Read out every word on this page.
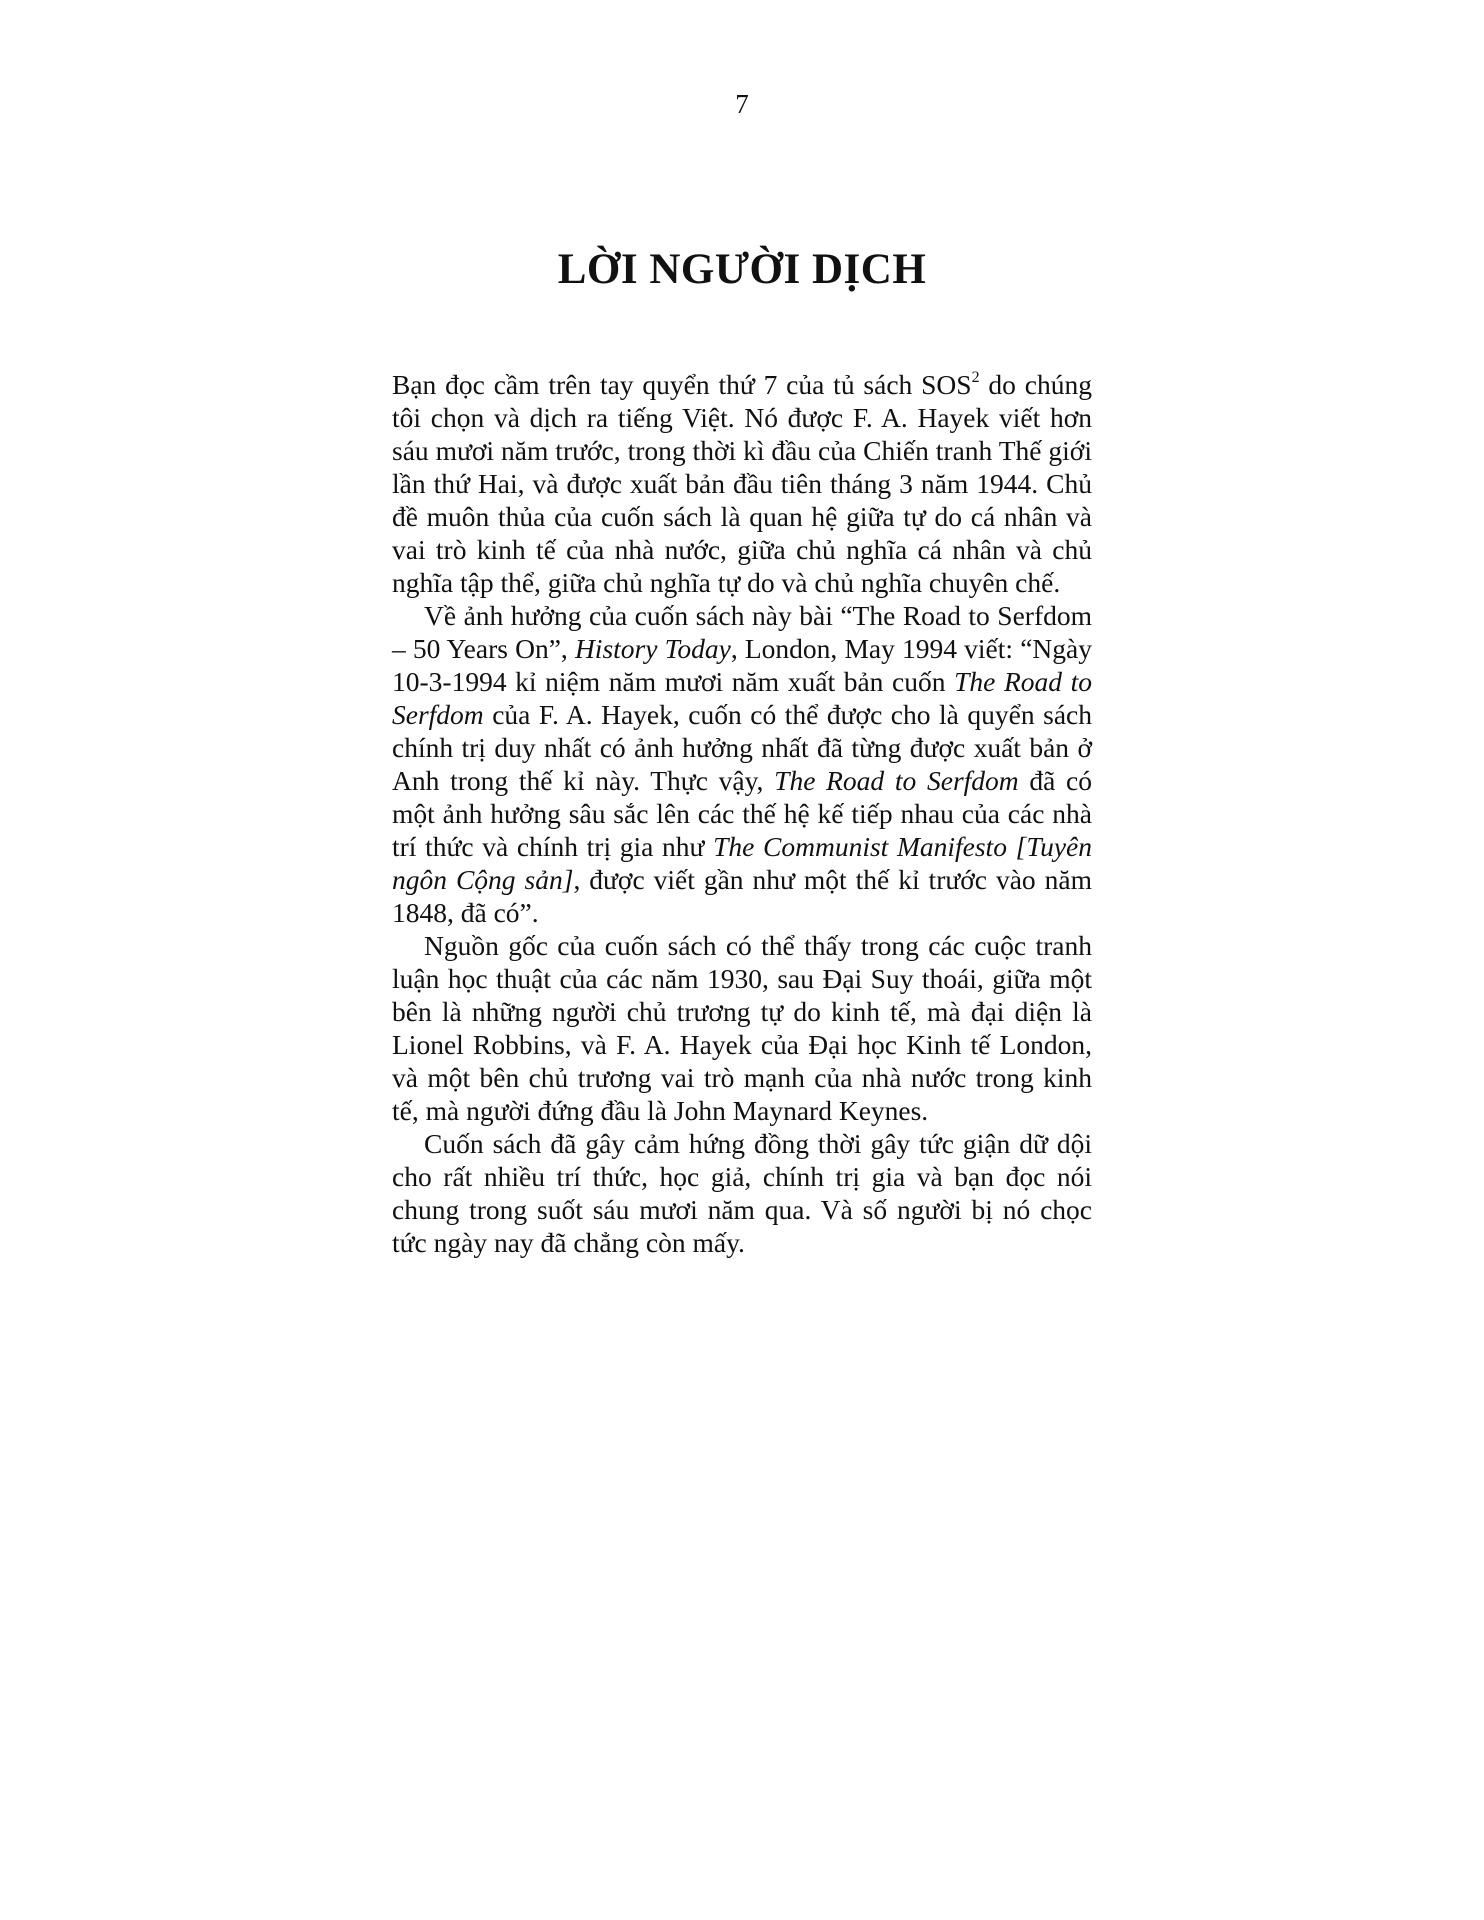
7
LỜI NGƯỜI DỊCH

Bạn đọc cầm trên tay quyển thứ 7 của tủ sách SOS$^2$ do chúng tôi chọn và dịch ra tiếng Việt. Nó được F. A. Hayek viết hơn sáu mươi năm trước, trong thời kì đầu của Chiến tranh Thế giới lần thứ Hai, và được xuất bản đầu tiên tháng 3 năm 1944. Chủ đề muôn thủa của cuốn sách là quan hệ giữa tự do cá nhân và vai trò kinh tế của nhà nước, giữa chủ nghĩa cá nhân và chủ nghĩa tập thể, giữa chủ nghĩa tự do và chủ nghĩa chuyên chế.

Về ảnh hưởng của cuốn sách này bài “The Road to Serfdom – 50 Years On”, History Today, London, May 1994 viết: “Ngày 10-3-1994 kỉ niệm năm mươi năm xuất bản cuốn The Road to Serfdom của F. A. Hayek, cuốn có thể được cho là quyển sách chính trị duy nhất có ảnh hưởng nhất đã từng được xuất bản ở Anh trong thế kỉ này. Thực vậy, The Road to Serfdom đã có một ảnh hưởng sâu sắc lên các thế hệ kế tiếp nhau của các nhà trí thức và chính trị gia như The Communist Manifesto [Tuyên ngôn Cộng sản], được viết gần như một thế kỉ trước vào năm 1848, đã có”.

Nguồn gốc của cuốn sách có thể thấy trong các cuộc tranh luận học thuật của các năm 1930, sau Đại Suy thoái, giữa một bên là những người chủ trương tự do kinh tế, mà đại diện là Lionel Robbins, và F. A. Hayek của Đại học Kinh tế London, và một bên chủ trương vai trò mạnh của nhà nước trong kinh tế, mà người đứng đầu là John Maynard Keynes.

Cuốn sách đã gây cảm hứng đồng thời gây tức giận dữ dội cho rất nhiều trí thức, học giả, chính trị gia và bạn đọc nói chung trong suốt sáu mươi năm qua. Và số người bị nó chọc tức ngày nay đã chẳng còn mấy.
